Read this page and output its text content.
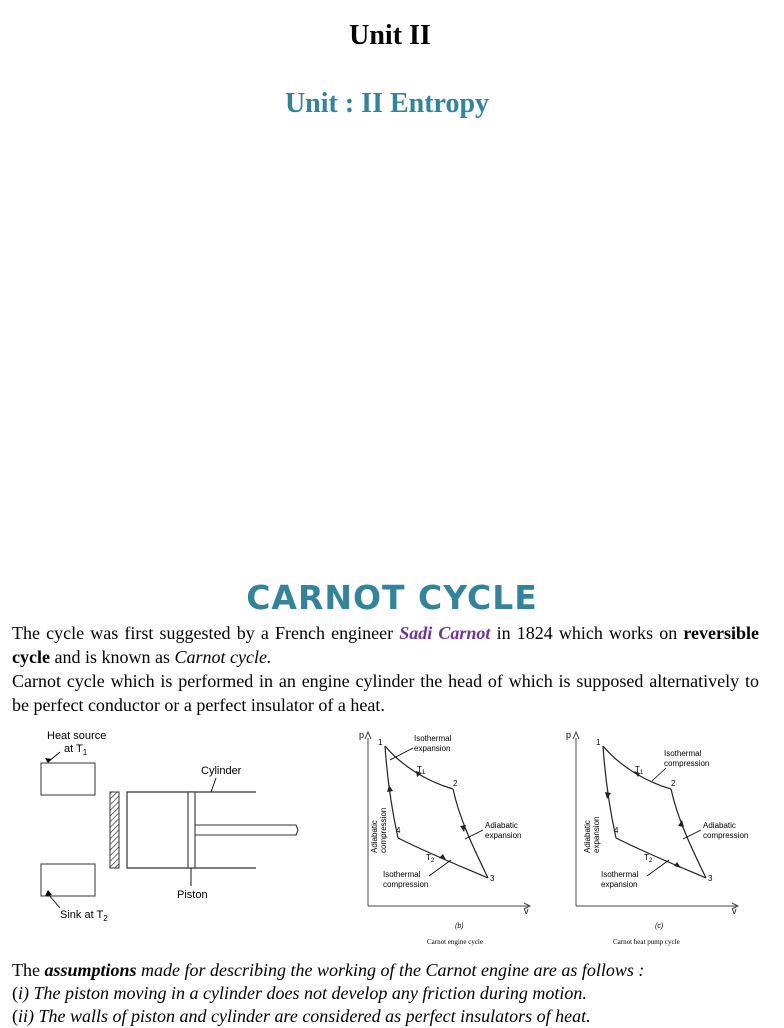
Unit II
Unit : II Entropy
CARNOT CYCLE
The cycle was first suggested by a French engineer Sadi Carnot in 1824 which works on reversible cycle and is known as Carnot cycle.
Carnot cycle which is performed in an engine cylinder the head of which is supposed alternatively to be perfect conductor or a perfect insulator of a heat.
Heat source
at $T_1$
Cylinder
Piston
Sink at $T_2$
p
v
1
2
3
4
$T_1$
$T_2$
Isothermal expansion
Adiabatic expansion
Isothermal compression
Adiabaticcompression
(b)
Carnot engine cycle
p
v
1
2
3
4
$T_1$
$T_2$
Isothermal compression
Adiabatic compression
Isothermal expansion
Adiabaticexpansion
(c)
Carnot heat pump cycle
The assumptions made for describing the working of the Carnot engine are as follows :
(i) The piston moving in a cylinder does not develop any friction during motion.
(ii) The walls of piston and cylinder are considered as perfect insulators of heat.
